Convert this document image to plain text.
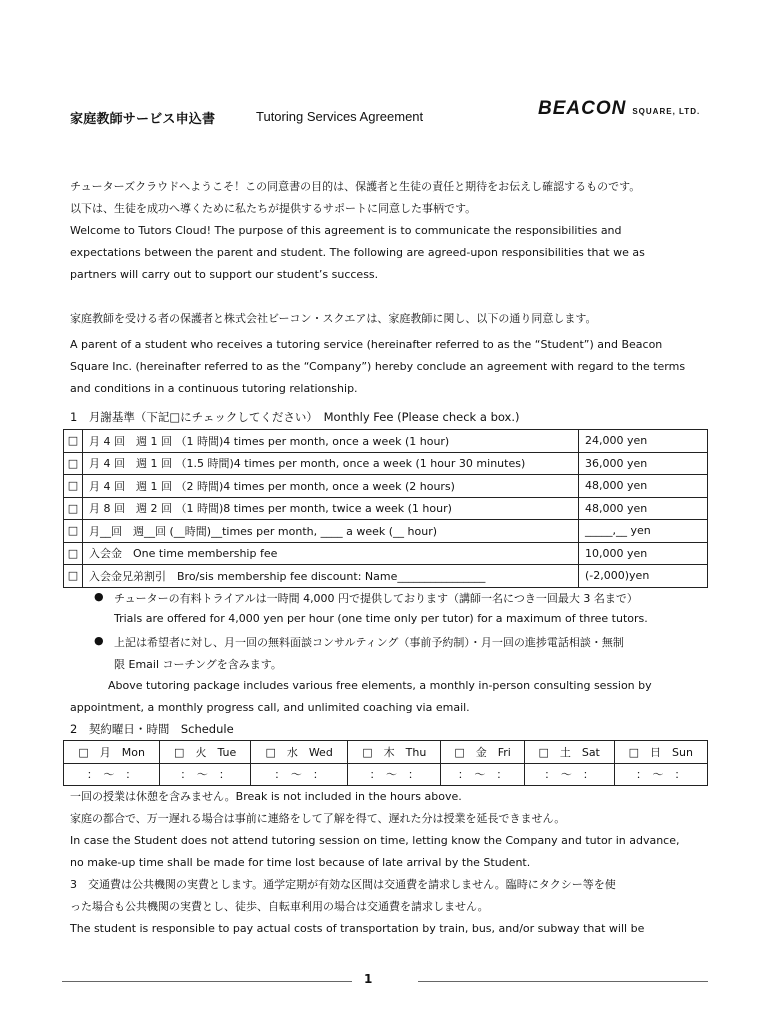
家庭教師サービス申込書	Tutoring Services Agreement	BEACON SQUARE, LTD.
チューターズクラウドへようこそ！この同意書の目的は、保護者と生徒の責任と期待をお伝えし確認するものです。
以下は、生徒を成功へ導くために私たちが提供するサポートに同意した事柄です。
Welcome to Tutors Cloud! The purpose of this agreement is to communicate the responsibilities and
expectations between the parent and student. The following are agreed-upon responsibilities that we as
partners will carry out to support our student’s success.
家庭教師を受ける者の保護者と株式会社ビーコン・スクエアは、家庭教師に関し、以下の通り同意します。
A parent of a student who receives a tutoring service (hereinafter referred to as the “Student”) and Beacon
Square Inc. (hereinafter referred to as the “Company”) hereby conclude an agreement with regard to the terms
and conditions in a continuous tutoring relationship.
1　月謝基準（下記□にチェックしてください）　Monthly Fee (Please check a box.)
□	月 4 回　週 1 回 （1 時間)4 times per month, once a week (1 hour)	24,000 yen
□	月 4 回　週 1 回 （1.5 時間)4 times per month, once a week (1 hour 30 minutes)	36,000 yen
□	月 4 回　週 1 回 （2 時間)4 times per month, once a week (2 hours)	48,000 yen
□	月 8 回　週 2 回 （1 時間)8 times per month, twice a week (1 hour)	48,000 yen
□	月__回　週__回 (__時間)__times per month, ____ a week (__ hour)	_____,__ yen
□	入会金　One time membership fee	10,000 yen
□	入会金兄弟割引　Bro/sis membership fee discount: Name________________	(-2,000)yen
● チューターの有料トライアルは一時間 4,000 円で提供しております（講師一名につき一回最大 3 名まで）
Trials are offered for 4,000 yen per hour (one time only per tutor) for a maximum of three tutors.
● 上記は希望者に対し、月一回の無料面談コンサルティング（事前予約制）・月一回の進捗電話相談・無制
限 Email コーチングを含みます。
Above tutoring package includes various free elements, a monthly in-person consulting session by
appointment, a monthly progress call, and unlimited coaching via email.
2　契約曜日・時間　Schedule
□　月　Mon	□　火　Tue	□　水　Wed	□　木　Thu	□　金　Fri	□　土　Sat	□　日　Sun
：　～　：	：　～　：	：　～　：	：　～　：	：　～　：	：　～　：	：　～　：
一回の授業は休憩を含みません。Break is not included in the hours above.
家庭の都合で、万一遅れる場合は事前に連絡をして了解を得て、遅れた分は授業を延長できません。
In case the Student does not attend tutoring session on time, letting know the Company and tutor in advance,
no make-up time shall be made for time lost because of late arrival by the Student.
3　交通費は公共機関の実費とします。通学定期が有効な区間は交通費を請求しません。臨時にタクシー等を使
った場合も公共機関の実費とし、徒歩、自転車利用の場合は交通費を請求しません。
The student is responsible to pay actual costs of transportation by train, bus, and/or subway that will be
1
